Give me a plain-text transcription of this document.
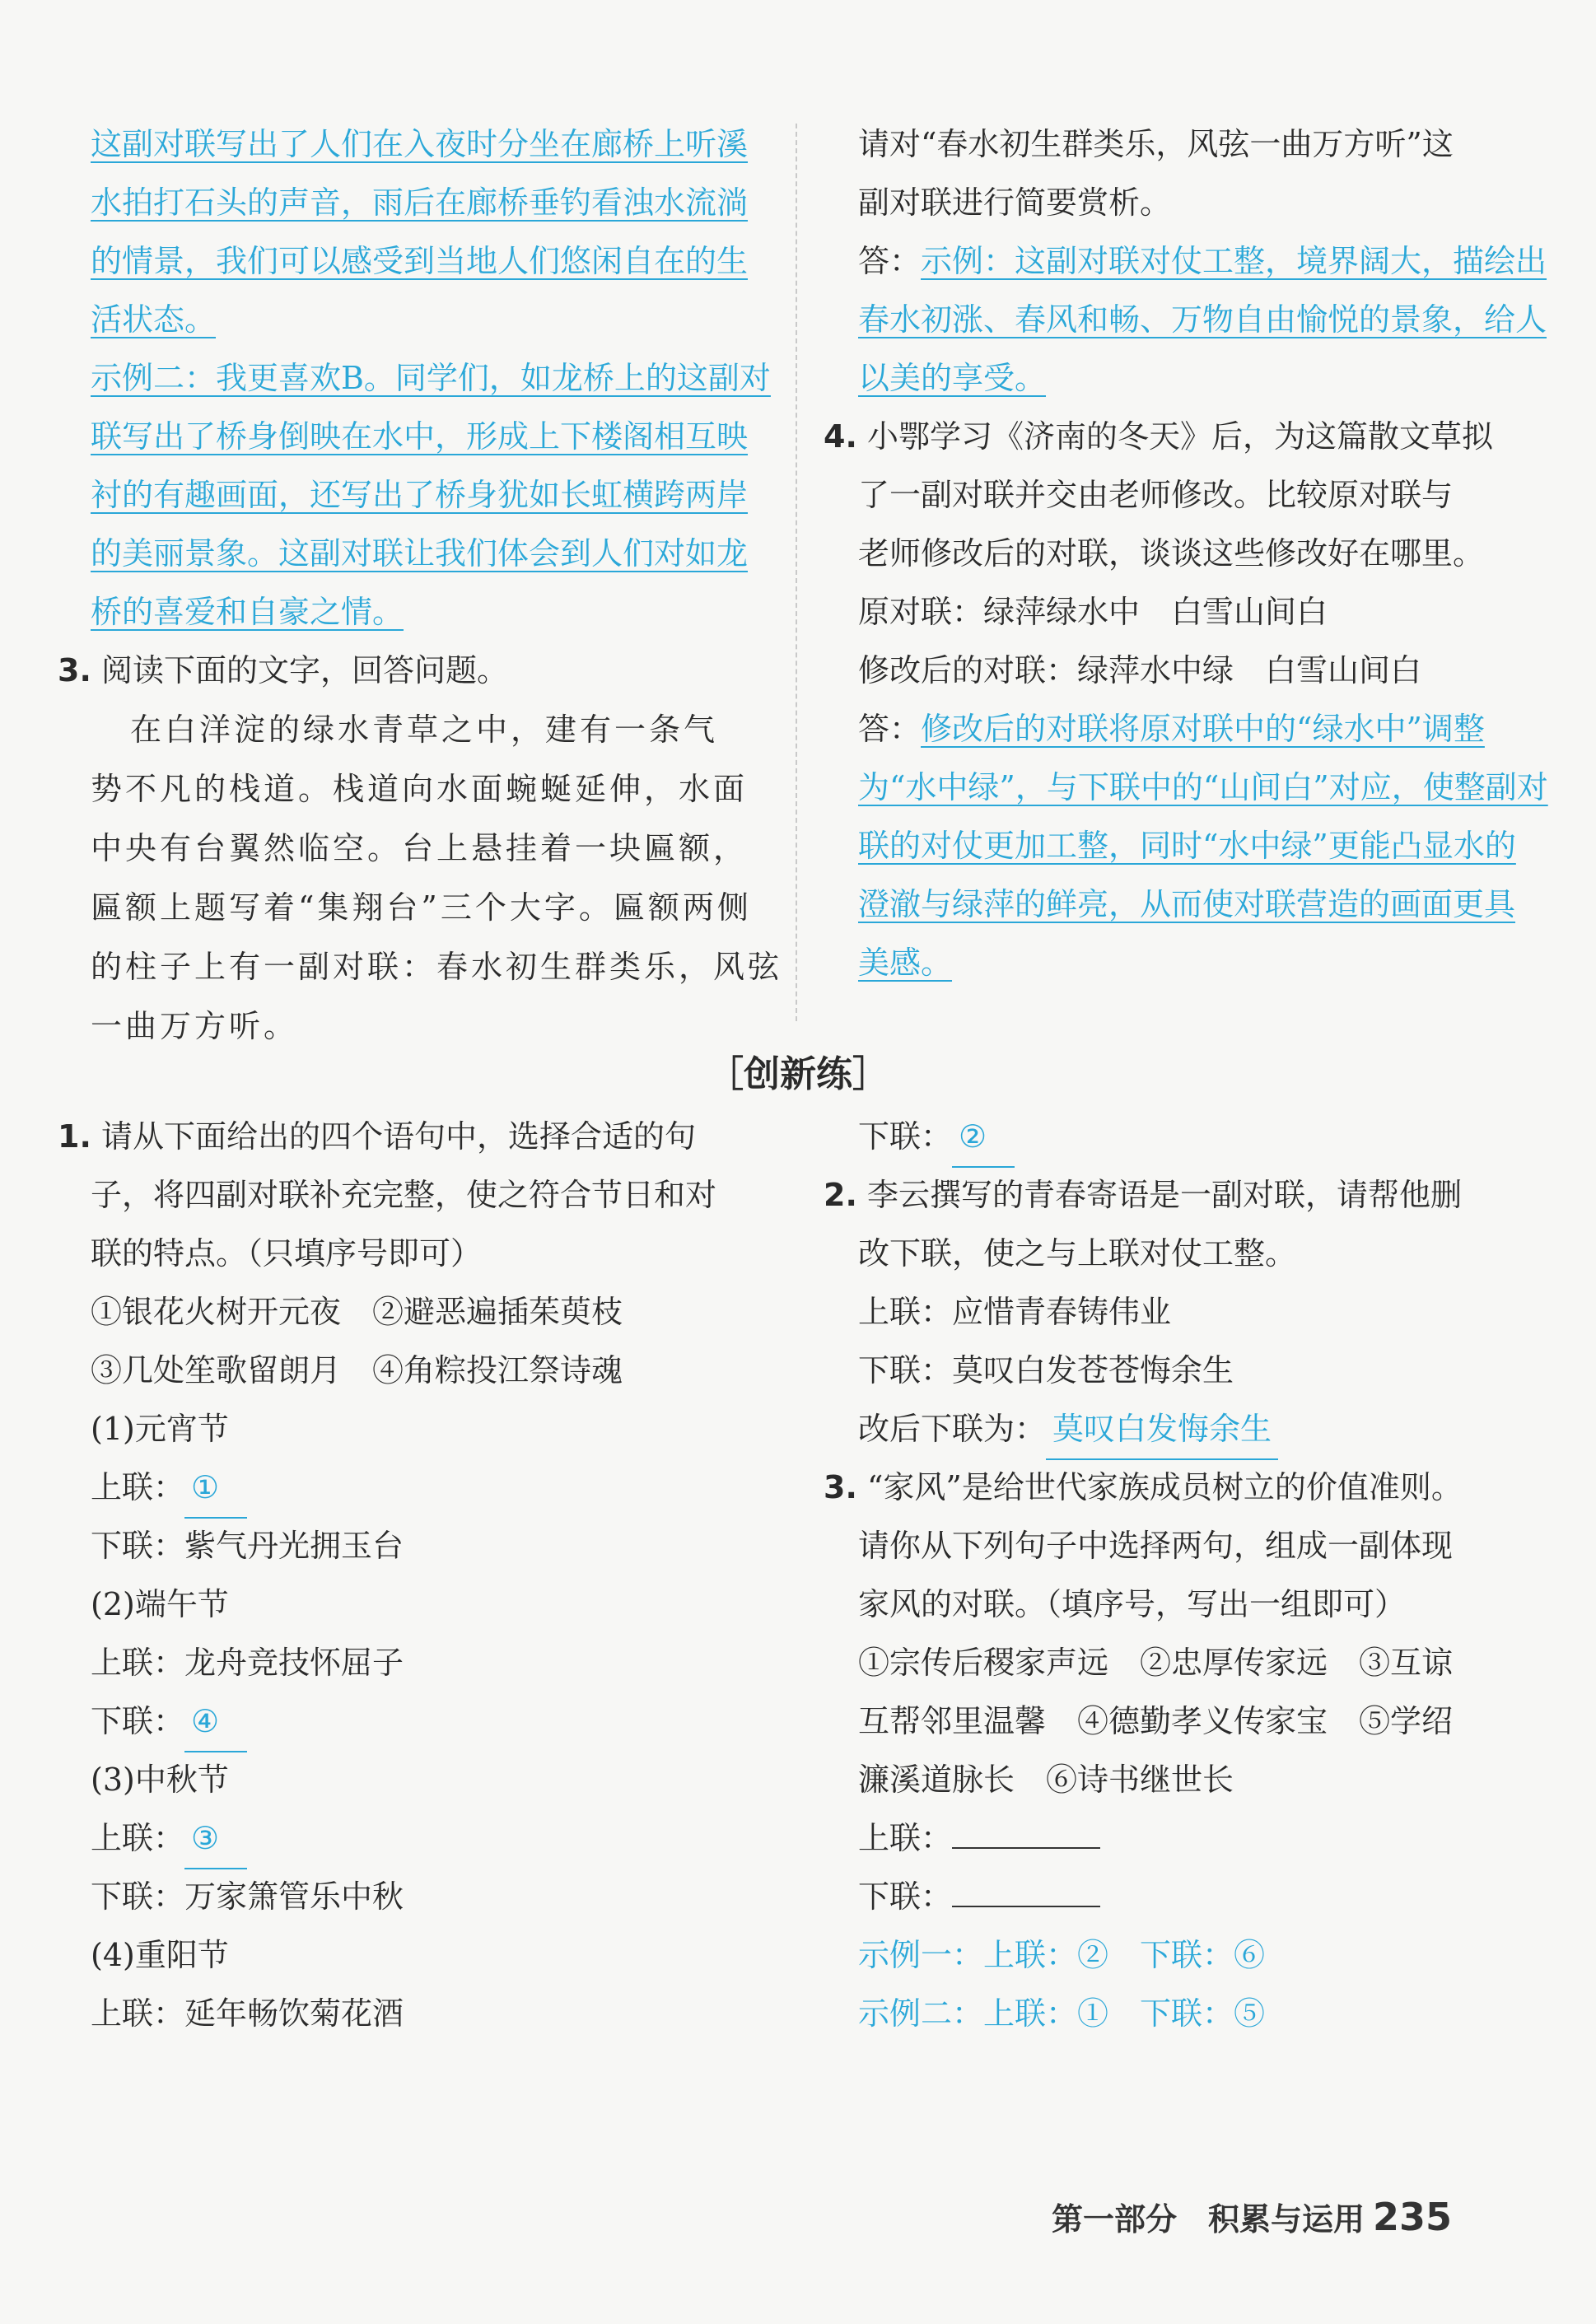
这副对联写出了人们在入夜时分坐在廊桥上听溪
水拍打石头的声音，雨后在廊桥垂钓看浊水流淌
的情景，我们可以感受到当地人们悠闲自在的生
活状态。
示例二：我更喜欢B。同学们，如龙桥上的这副对
联写出了桥身倒映在水中，形成上下楼阁相互映
衬的有趣画面，还写出了桥身犹如长虹横跨两岸
的美丽景象。这副对联让我们体会到人们对如龙
桥的喜爱和自豪之情。
3. 阅读下面的文字，回答问题。
在白洋淀的绿水青草之中，建有一条气
势不凡的栈道。栈道向水面蜿蜒延伸，水面
中央有台翼然临空。台上悬挂着一块匾额，
匾额上题写着“集翔台”三个大字。匾额两侧
的柱子上有一副对联：春水初生群类乐，风弦
一曲万方听。
请对“春水初生群类乐，风弦一曲万方听”这
副对联进行简要赏析。
答：示例：这副对联对仗工整，境界阔大，描绘出
春水初涨、春风和畅、万物自由愉悦的景象，给人
以美的享受。
4. 小鄂学习《济南的冬天》后，为这篇散文草拟
了一副对联并交由老师修改。比较原对联与
老师修改后的对联，谈谈这些修改好在哪里。
原对联：绿萍绿水中　白雪山间白
修改后的对联：绿萍水中绿　白雪山间白
答：修改后的对联将原对联中的“绿水中”调整
为“水中绿”，与下联中的“山间白”对应，使整副对
联的对仗更加工整，同时“水中绿”更能凸显水的
澄澈与绿萍的鲜亮，从而使对联营造的画面更具
美感。
［创新练］
1. 请从下面给出的四个语句中，选择合适的句
子，将四副对联补充完整，使之符合节日和对
联的特点。（只填序号即可）
①银花火树开元夜　②避恶遍插茱萸枝
③几处笙歌留朗月　④角粽投江祭诗魂
(1)元宵节
上联： ①
下联：紫气丹光拥玉台
(2)端午节
上联：龙舟竞技怀屈子
下联： ④
(3)中秋节
上联： ③
下联：万家箫管乐中秋
(4)重阳节
上联：延年畅饮菊花酒
下联： ②
2. 李云撰写的青春寄语是一副对联，请帮他删
改下联，使之与上联对仗工整。
上联：应惜青春铸伟业
下联：莫叹白发苍苍悔余生
改后下联为： 莫叹白发悔余生
3. “家风”是给世代家族成员树立的价值准则。
请你从下列句子中选择两句，组成一副体现
家风的对联。（填序号，写出一组即可）
①宗传后稷家声远　②忠厚传家远　③互谅
互帮邻里温馨　④德勤孝义传家宝　⑤学绍
濂溪道脉长　⑥诗书继世长
上联：
下联：
示例一：上联：②　下联：⑥
示例二：上联：①　下联：⑤
第一部分　积累与运用 235
